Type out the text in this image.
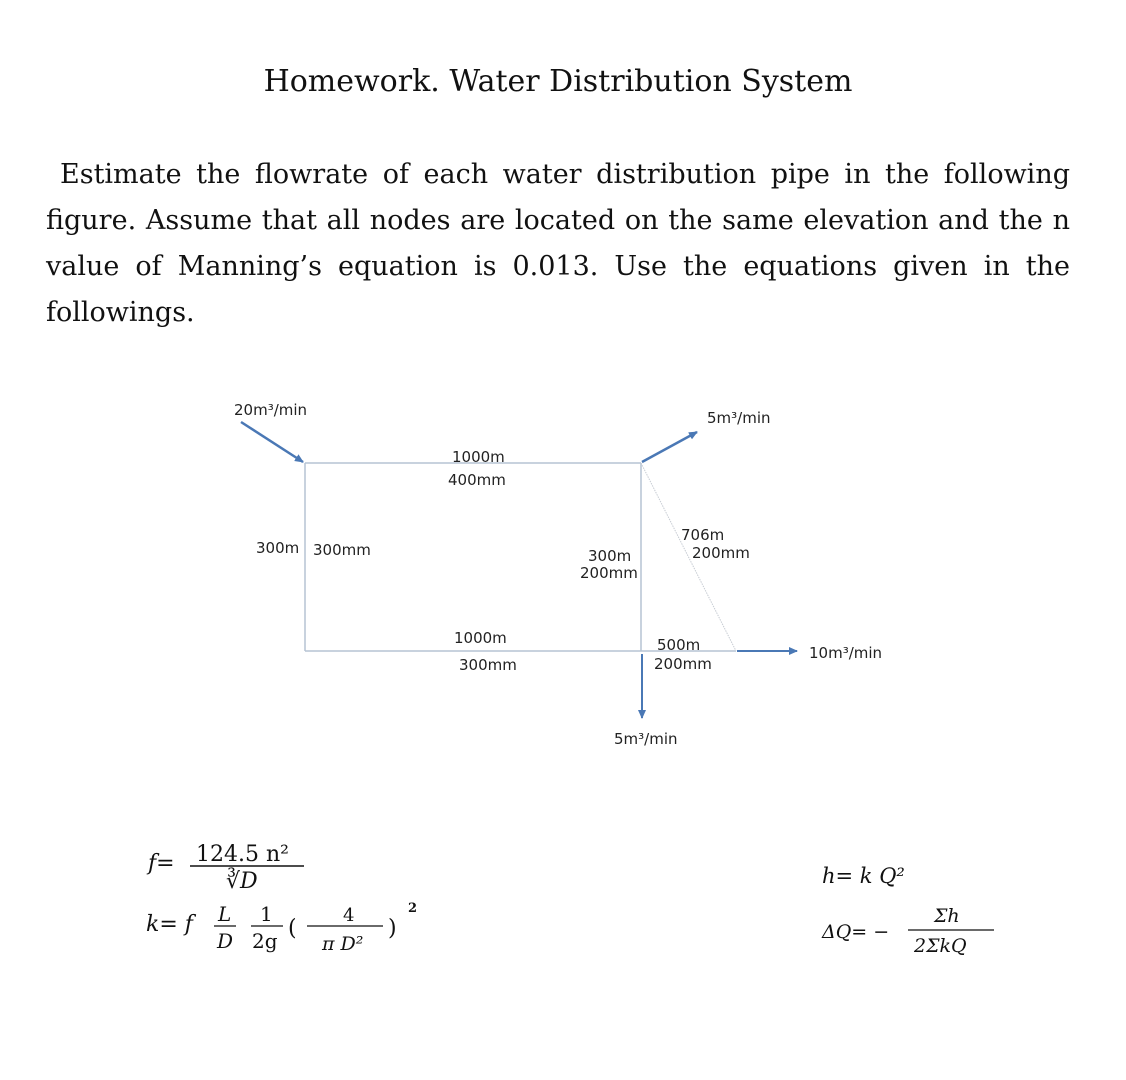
Homework. Water Distribution System
Estimate the flowrate of each water distribution pipe in the following figure. Assume that all nodes are located on the same elevation and the n value of Manning’s equation is 0.013. Use the equations given in the followings.
20m³/min	5m³/min
10m³/min
5m³/min
1000m
400mm
300m 300mm	300m
200mm
706m
200mm
1000m
300mm
500m
200mm
f= 124.5 n²
∛D
k= f L
D
1
2g (
4
π D²
)
2
h= k Q²
ΔQ= −
Σh
2ΣkQ
